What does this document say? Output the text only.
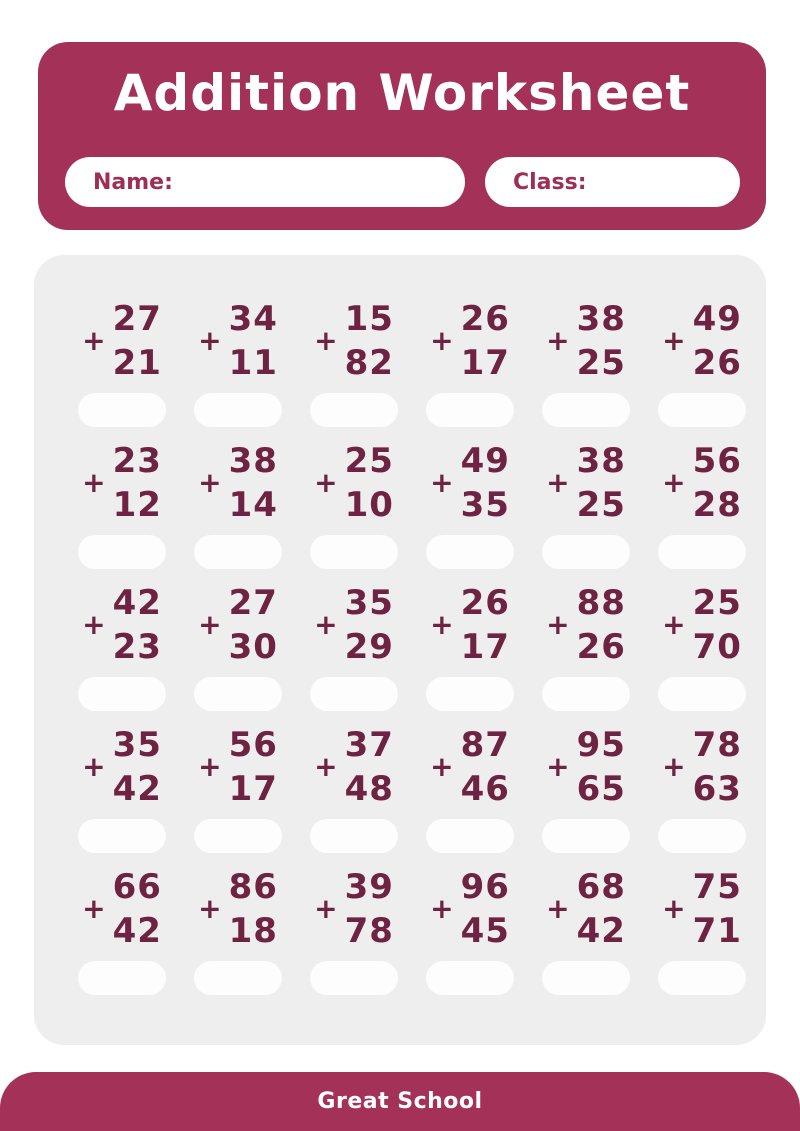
Addition Worksheet
Name:	Class:
+
27
21
+
34
11
+
15
82
+
26
17
+
38
25
+
49
26
+
23
12
+
38
14
+
25
10
+
49
35
+
38
25
+
56
28
+
42
23
+
27
30
+
35
29
+
26
17
+
88
26
+
25
70
+
35
42
+
56
17
+
37
48
+
87
46
+
95
65
+
78
63
+
66
42
+
86
18
+
39
78
+
96
45
+
68
42
+
75
71
Great School
